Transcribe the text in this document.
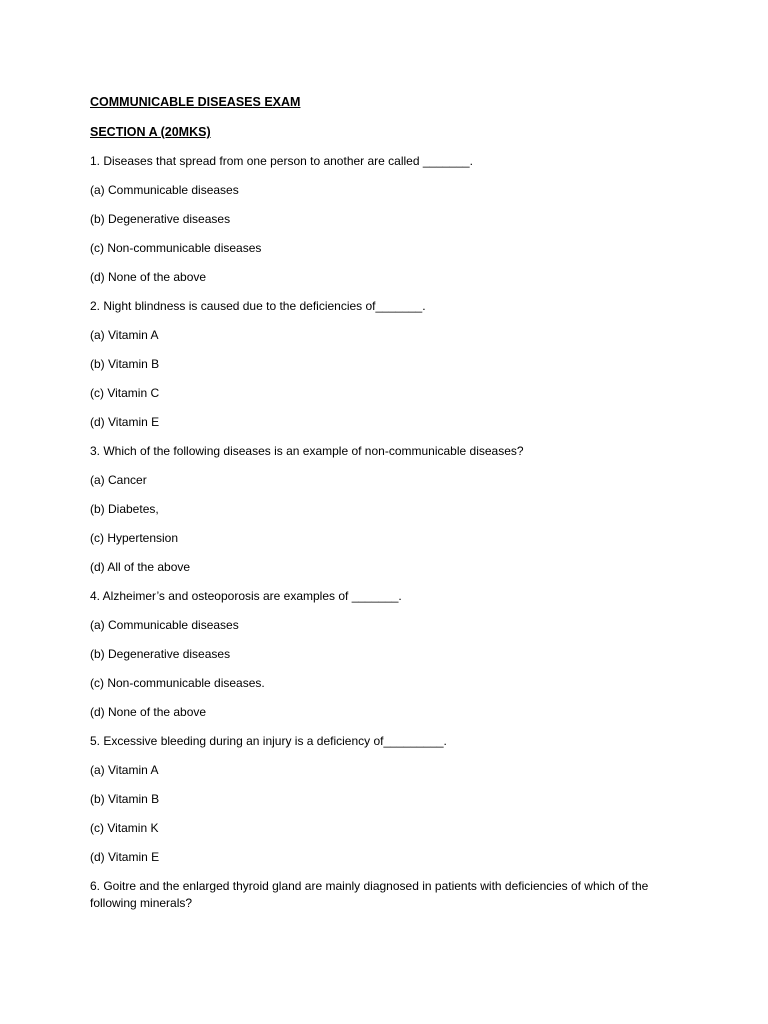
COMMUNICABLE DISEASES EXAM
SECTION A (20MKS)
1. Diseases that spread from one person to another are called _______.
(a) Communicable diseases
(b) Degenerative diseases
(c) Non-communicable diseases
(d) None of the above
2. Night blindness is caused due to the deficiencies of_______.
(a) Vitamin A
(b) Vitamin B
(c) Vitamin C
(d) Vitamin E
3. Which of the following diseases is an example of non-communicable diseases?
(a) Cancer
(b) Diabetes,
(c) Hypertension
(d) All of the above
4. Alzheimer’s and osteoporosis are examples of _______.
(a) Communicable diseases
(b) Degenerative diseases
(c) Non-communicable diseases.
(d) None of the above
5. Excessive bleeding during an injury is a deficiency of_________.
(a) Vitamin A
(b) Vitamin B
(c) Vitamin K
(d) Vitamin E
6. Goitre and the enlarged thyroid gland are mainly diagnosed in patients with deficiencies of which of the following minerals?
